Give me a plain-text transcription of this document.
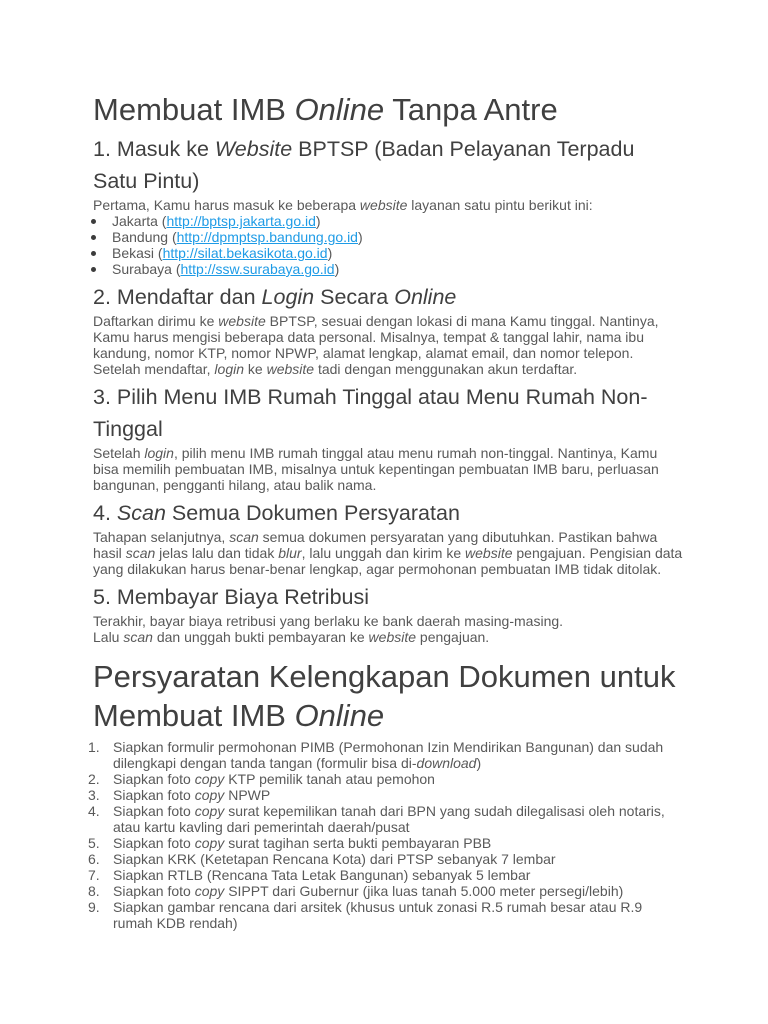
Membuat IMB Online Tanpa Antre
1. Masuk ke Website BPTSP (Badan Pelayanan Terpadu Satu Pintu)

Pertama, Kamu harus masuk ke beberapa website layanan satu pintu berikut ini:

Jakarta (http://bptsp.jakarta.go.id)
Bandung (http://dpmptsp.bandung.go.id)
Bekasi (http://silat.bekasikota.go.id)
Surabaya (http://ssw.surabaya.go.id)
2. Mendaftar dan Login Secara Online

Daftarkan dirimu ke website BPTSP, sesuai dengan lokasi di mana Kamu tinggal. Nantinya, Kamu harus mengisi beberapa data personal. Misalnya, tempat & tanggal lahir, nama ibu kandung, nomor KTP, nomor NPWP, alamat lengkap, alamat email, dan nomor telepon.

Setelah mendaftar, login ke website tadi dengan menggunakan akun terdaftar.

3. Pilih Menu IMB Rumah Tinggal atau Menu Rumah Non-Tinggal

Setelah login, pilih menu IMB rumah tinggal atau menu rumah non-tinggal. Nantinya, Kamu bisa memilih pembuatan IMB, misalnya untuk kepentingan pembuatan IMB baru, perluasan bangunan, pengganti hilang, atau balik nama.

4. Scan Semua Dokumen Persyaratan

Tahapan selanjutnya, scan semua dokumen persyaratan yang dibutuhkan. Pastikan bahwa hasil scan jelas lalu dan tidak blur, lalu unggah dan kirim ke website pengajuan. Pengisian data yang dilakukan harus benar-benar lengkap, agar permohonan pembuatan IMB tidak ditolak.

5. Membayar Biaya Retribusi

Terakhir, bayar biaya retribusi yang berlaku ke bank daerah masing-masing.

Lalu scan dan unggah bukti pembayaran ke website pengajuan.

Persyaratan Kelengkapan Dokumen untuk Membuat IMB Online
1. Siapkan formulir permohonan PIMB (Permohonan Izin Mendirikan Bangunan) dan sudah dilengkapi dengan tanda tangan (formulir bisa di-download)
2. Siapkan foto copy KTP pemilik tanah atau pemohon
3. Siapkan foto copy NPWP
4. Siapkan foto copy surat kepemilikan tanah dari BPN yang sudah dilegalisasi oleh notaris, atau kartu kavling dari pemerintah daerah/pusat
5. Siapkan foto copy surat tagihan serta bukti pembayaran PBB
6. Siapkan KRK (Ketetapan Rencana Kota) dari PTSP sebanyak 7 lembar
7. Siapkan RTLB (Rencana Tata Letak Bangunan) sebanyak 5 lembar
8. Siapkan foto copy SIPPT dari Gubernur (jika luas tanah 5.000 meter persegi/lebih)
9. Siapkan gambar rencana dari arsitek (khusus untuk zonasi R.5 rumah besar atau R.9 rumah KDB rendah)
